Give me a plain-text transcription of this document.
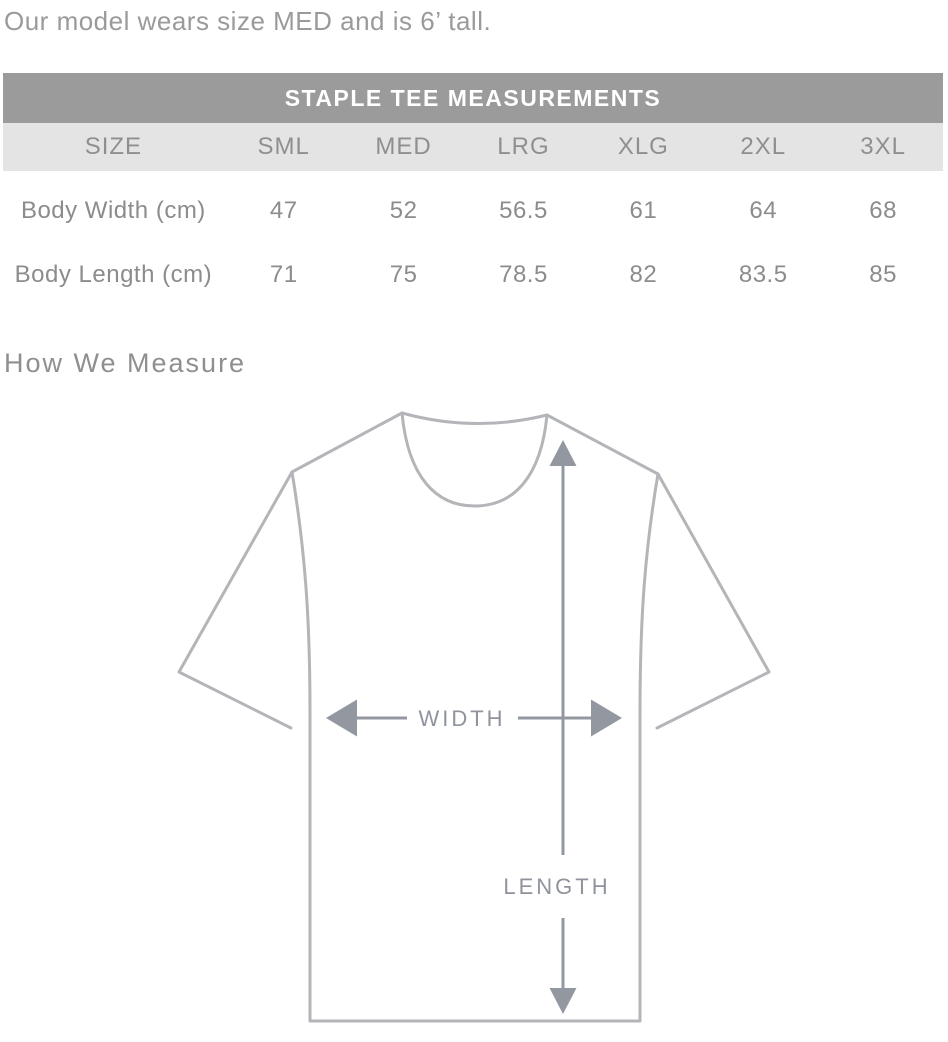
Our model wears size MED and is 6’ tall.
STAPLE TEE MEASUREMENTS
SIZE	SML	MED	LRG	XLG	2XL	3XL
Body Width (cm)	47	52	56.5	61	64	68
Body Length (cm)	71	75	78.5	82	83.5	85
How We Measure
LENGTH
WIDTH
